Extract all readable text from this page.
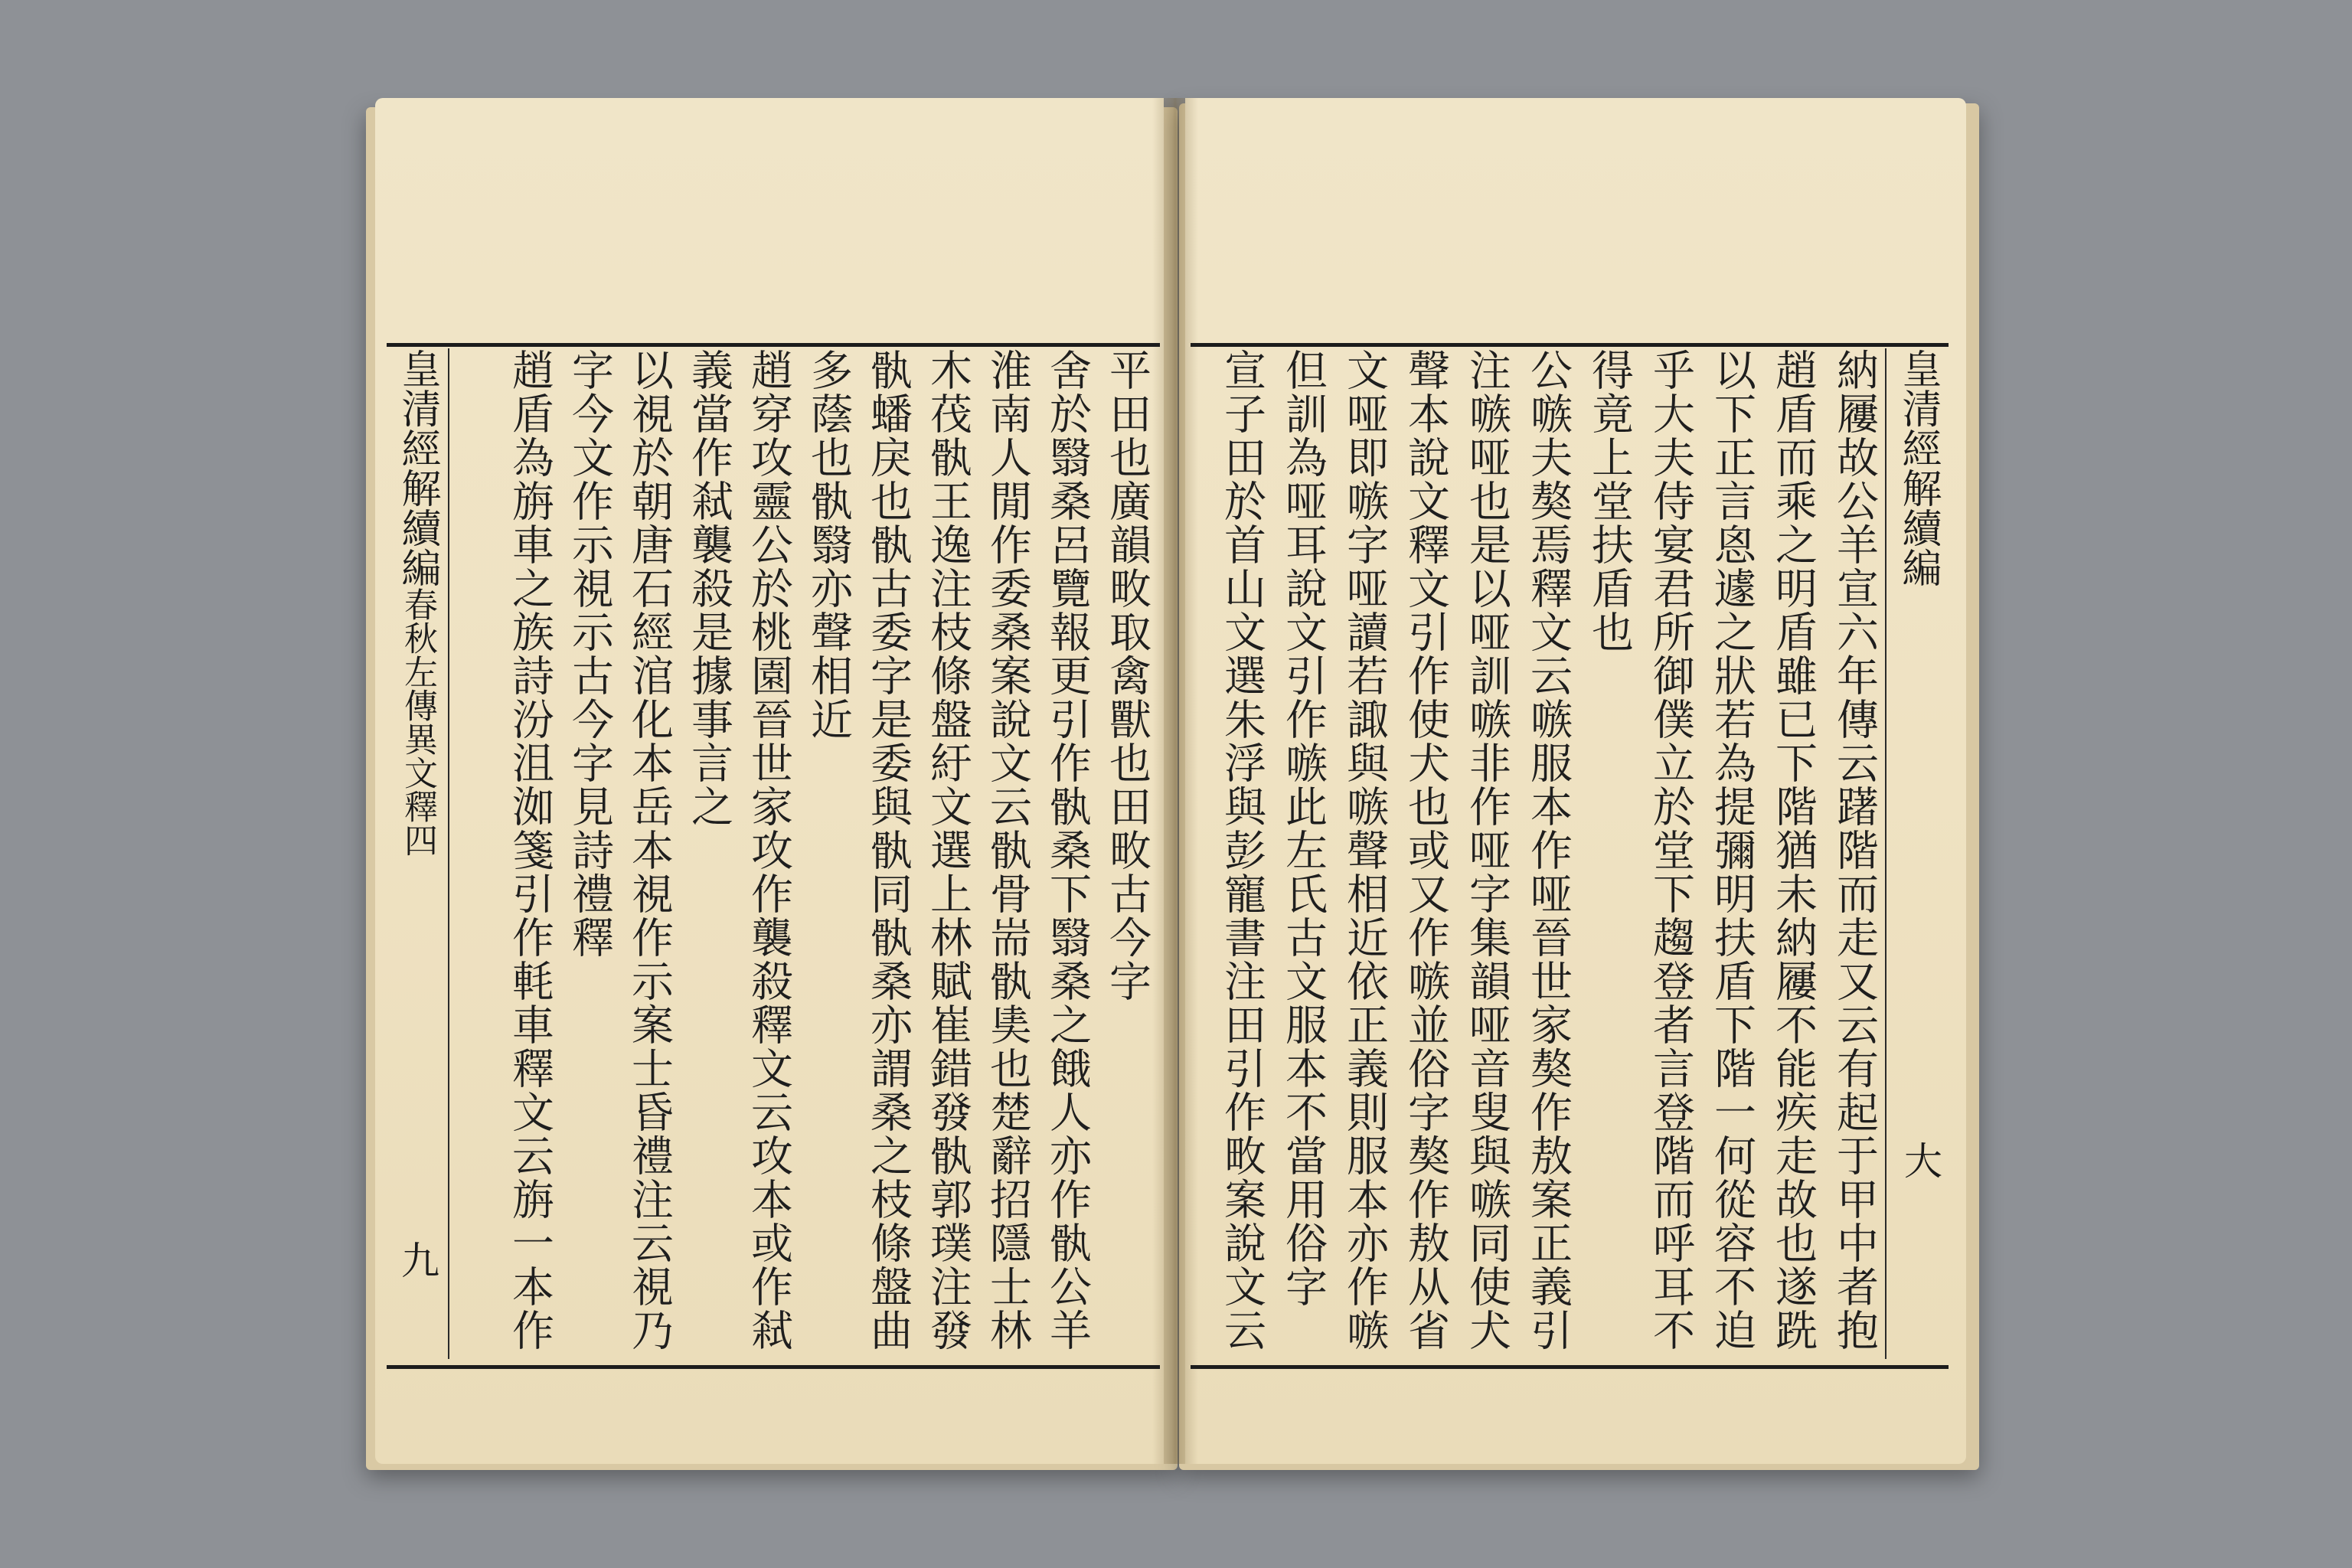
皇清經解續編春秋左傳異文釋四
九
平田也廣韻畋取禽獸也田畋古今字
舍於翳桑呂覽報更引作骫桑下翳桑之餓人亦作骫公羊
淮南人閒作委桑案說文云骫骨耑骫奊也楚辭招隱士林
木茷骫王逸注枝條盤紆文選上林賦崔錯發骫郭璞注發
骫蟠戾也骫古委字是委與骫同骫桑亦謂桑之枝條盤曲
多蔭也骫翳亦聲相近
趙穿攻靈公於桃園晉世家攻作襲殺釋文云攻本或作弒
義當作弒襲殺是據事言之
以視於朝唐石經涫化本岳本視作示案士昏禮注云視乃
字今文作示視示古今字見詩禮釋
趙盾為旃車之族詩汾沮洳箋引作軞車釋文云旃一本作
皇清經解續編
大
納屨故公羊宣六年傳云躇階而走又云有起于甲中者抱
趙盾而乘之明盾雖已下階猶未納屨不能疾走故也遂跣
以下正言恖遽之狀若為提彌明扶盾下階一何從容不迫
乎大夫侍宴君所御僕立於堂下趨登者言登階而呼耳不
得竟上堂扶盾也
公嗾夫獒焉釋文云嗾服本作哑晉世家獒作敖案正義引
注嗾哑也是以哑訓嗾非作哑字集韻哑音叟與嗾同使犬
聲本說文釋文引作使犬也或又作嗾並俗字獒作敖从省
文哑即嗾字哑讀若諏與嗾聲相近依正義則服本亦作嗾
但訓為哑耳說文引作嗾此左氏古文服本不當用俗字
宣子田於首山文選朱浮與彭寵書注田引作畋案說文云
